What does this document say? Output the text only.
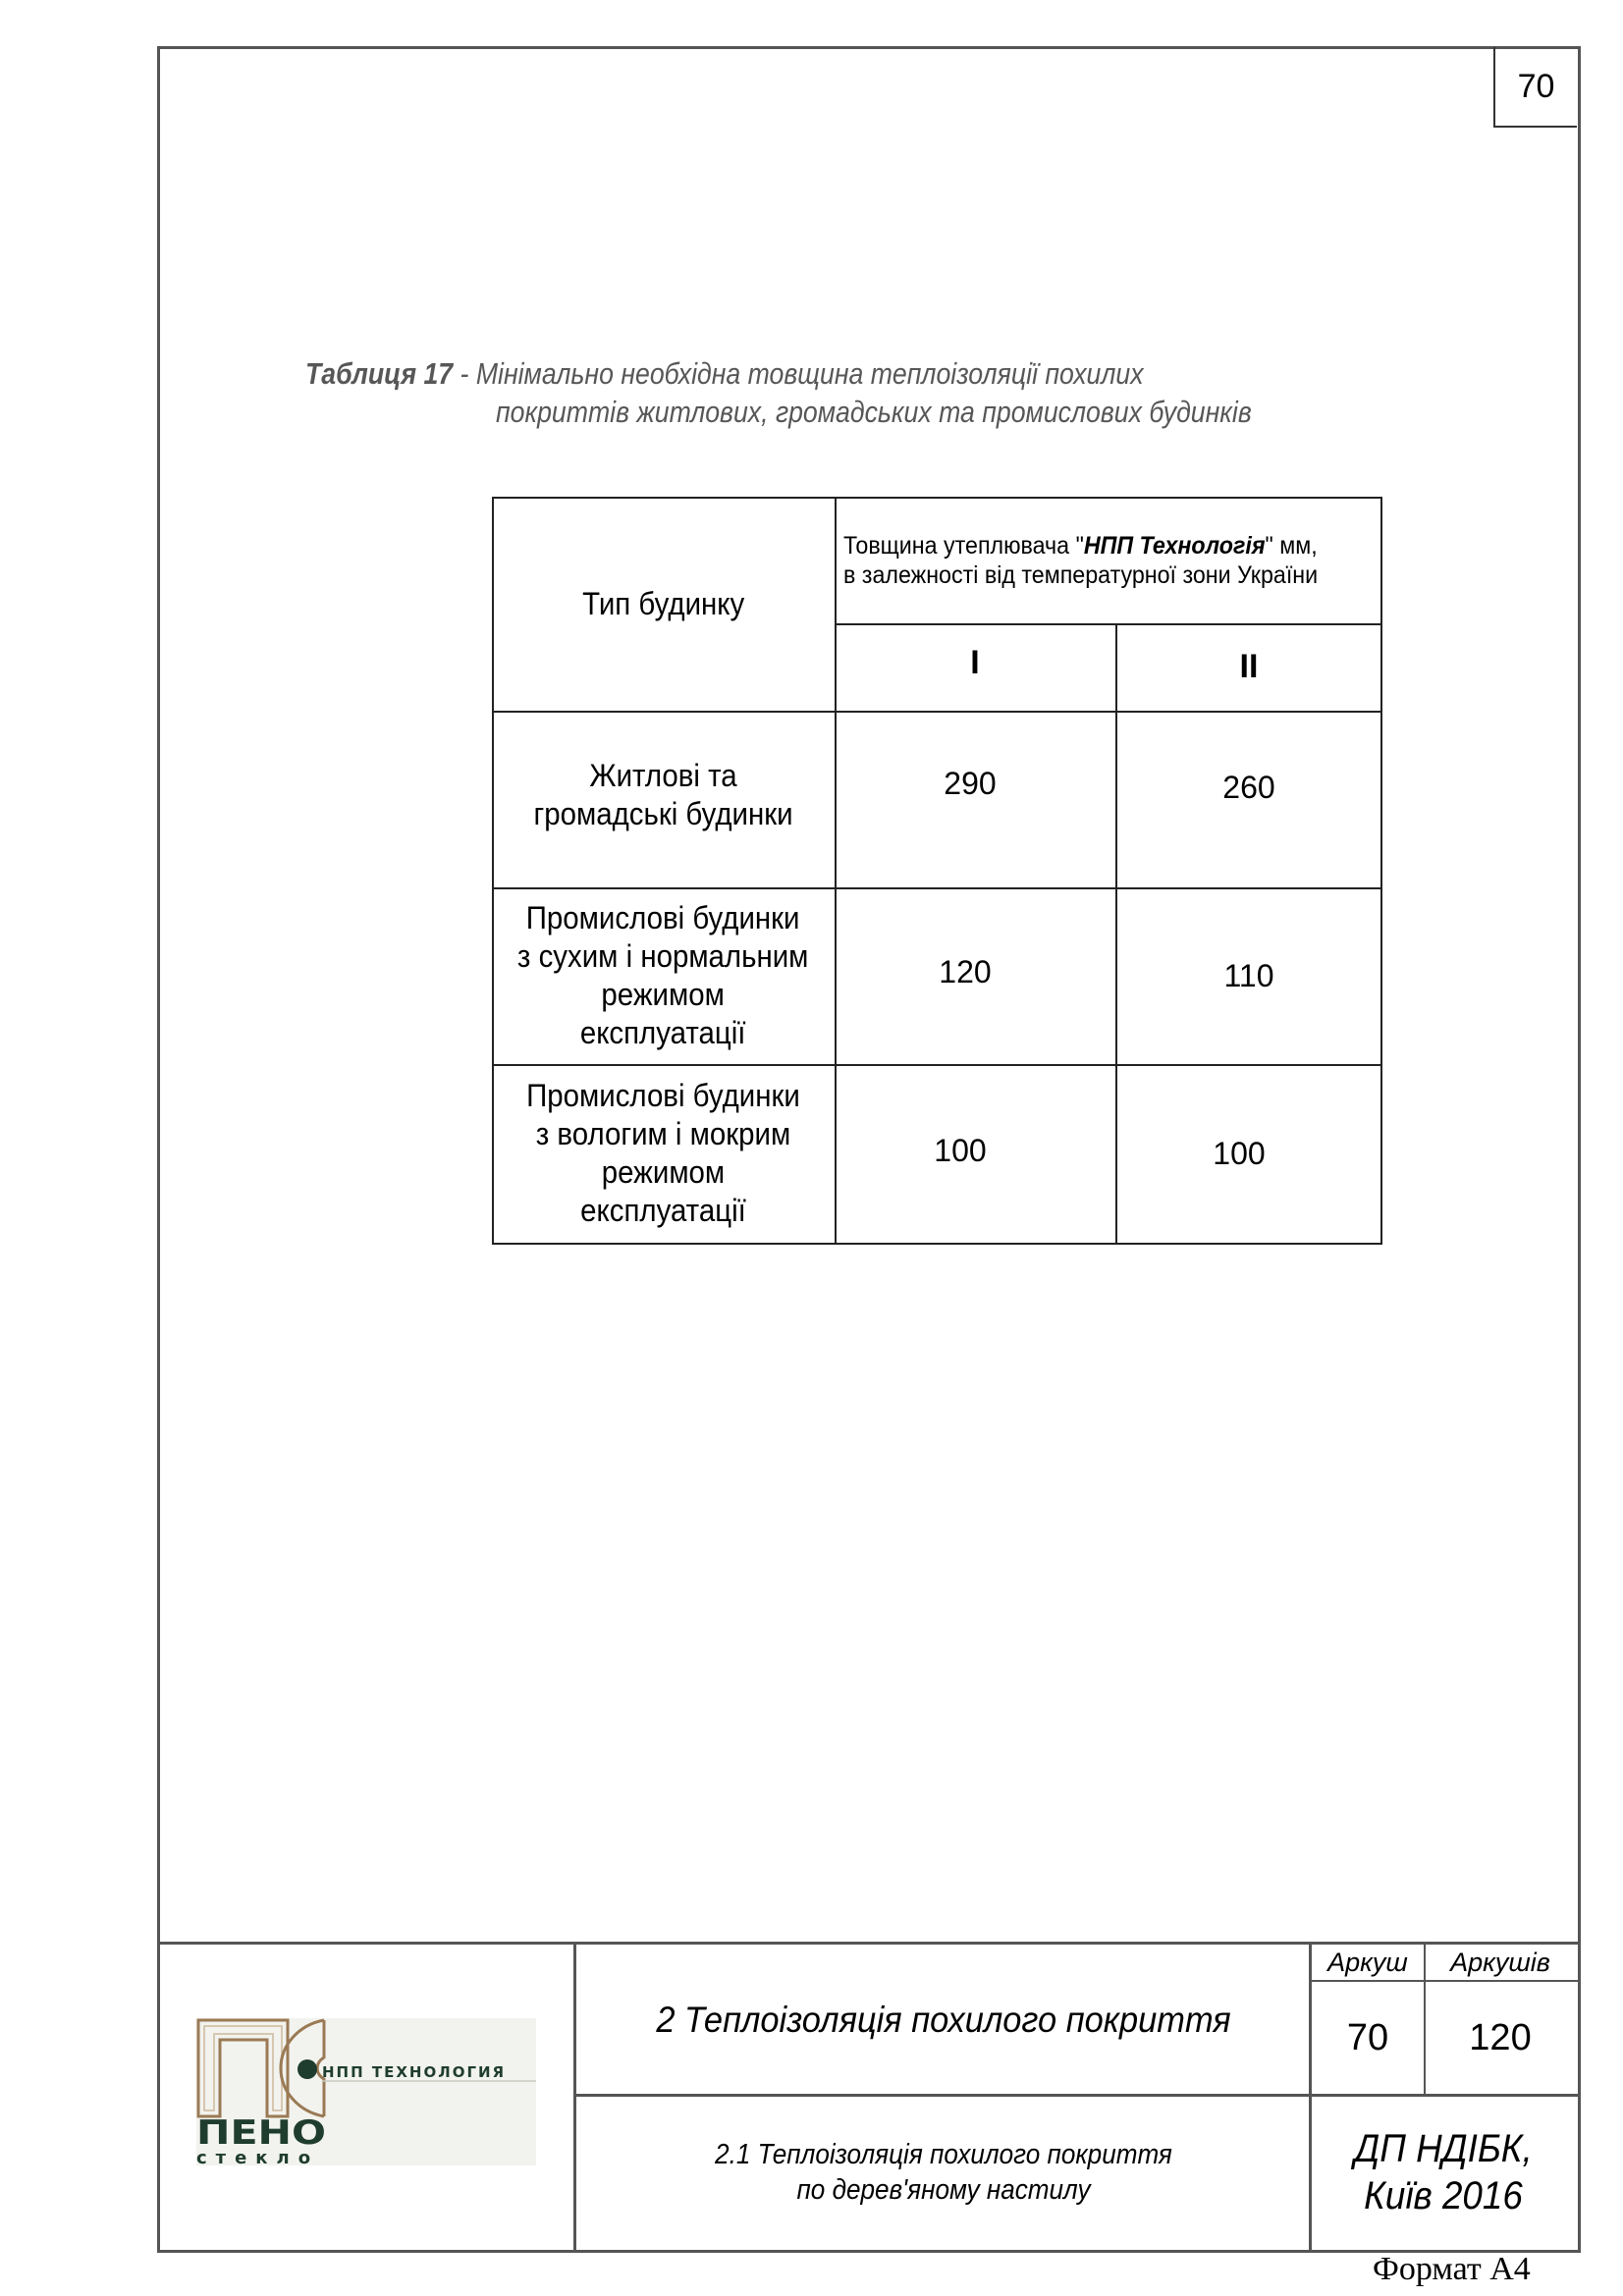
70
Таблиця 17 - Мінімально необхідна товщина теплоізоляції похилих
покриттів житлових, громадських та промислових будинків
Тип будинку
Товщина утеплювача "НПП Технологія" мм,
в залежності від температурної зони України
I	II
Житлові та
громадські будинки
290	260
Промислові будинки
з сухим і нормальним
режимом
експлуатації
120	110
Промислові будинки
з вологим і мокрим
режимом
експлуатації
100	100
НПП ТЕХНОЛОГИЯ
ПЕНО
стекло
2 Теплоізоляція похилого покриття
2.1 Теплоізоляція похилого покриття
по дерев'яному настилу
Аркуш Аркушів
70 120
ДП НДІБК,
Київ 2016
Формат А4
